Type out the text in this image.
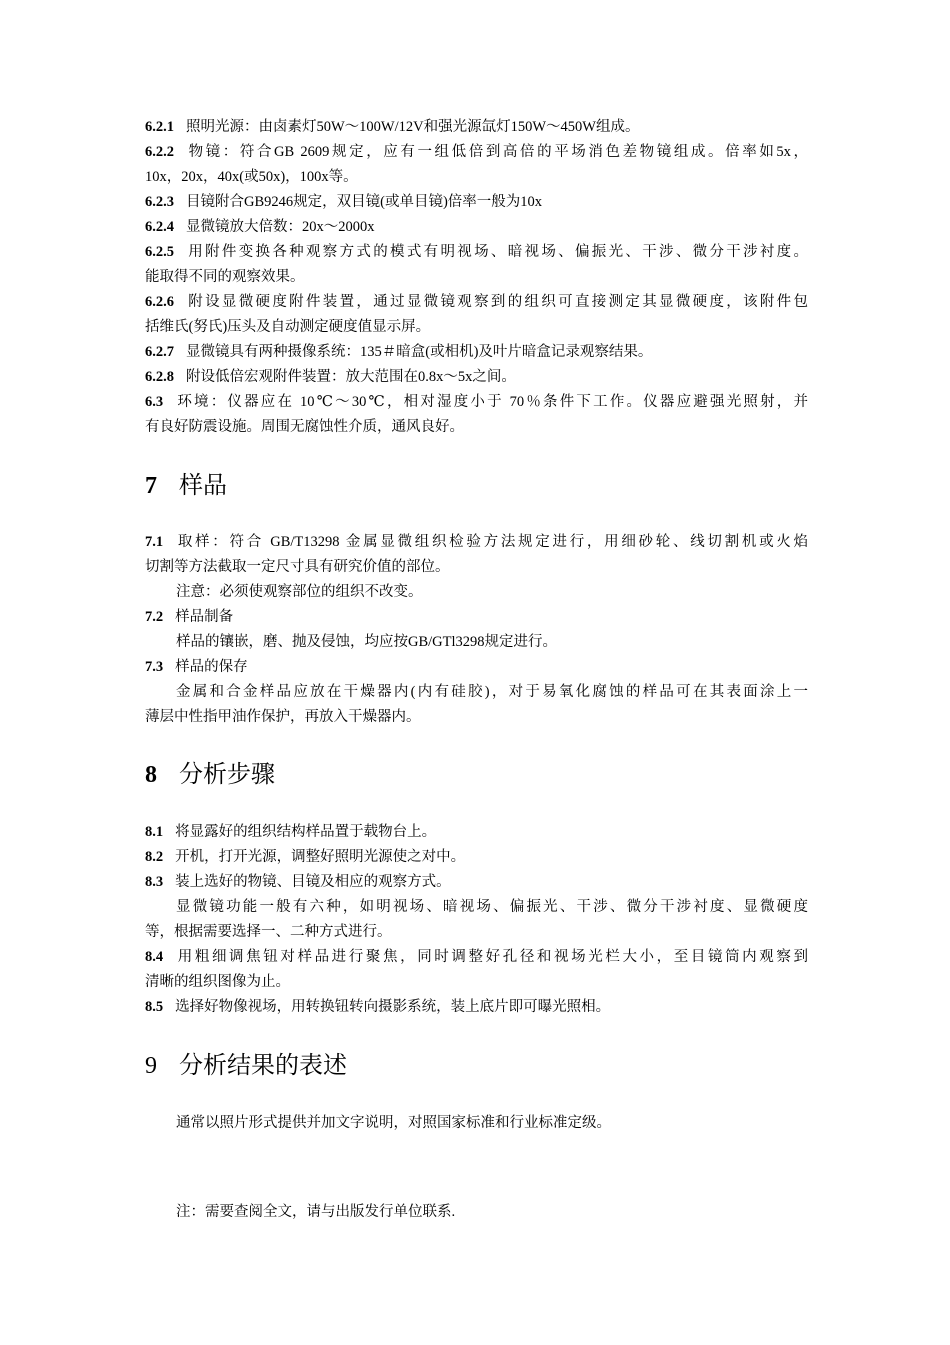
6.2.1 照明光源：由卤素灯50W～100W/12V和强光源氙灯150W～450W组成。
6.2.2 物镜：符合GB 2609规定，应有一组低倍到高倍的平场消色差物镜组成。倍率如5x，
10x，20x，40x(或50x)，100x等。
6.2.3 目镜附合GB9246规定，双目镜(或单目镜)倍率一般为10x
6.2.4 显微镜放大倍数：20x～2000x
6.2.5 用附件变换各种观察方式的模式有明视场、暗视场、偏振光、干涉、微分干涉衬度。
能取得不同的观察效果。
6.2.6 附设显微硬度附件装置，通过显微镜观察到的组织可直接测定其显微硬度，该附件包
括维氏(努氏)压头及自动测定硬度值显示屏。
6.2.7 显微镜具有两种摄像系统：135＃暗盒(或相机)及叶片暗盒记录观察结果。
6.2.8 附设低倍宏观附件装置：放大范围在0.8x～5x之间。
6.3 环境：仪器应在 10℃～30℃，相对湿度小于 70％条件下工作。仪器应避强光照射，并
有良好防震设施。周围无腐蚀性介质，通风良好。
7 样品
7.1 取样：符合 GB/T13298 金属显微组织检验方法规定进行，用细砂轮、线切割机或火焰
切割等方法截取一定尺寸具有研究价值的部位。
注意：必须使观察部位的组织不改变。
7.2 样品制备
样品的镶嵌，磨、抛及侵蚀，均应按GB/GTl3298规定进行。
7.3 样品的保存
金属和合金样品应放在干燥器内(内有硅胶)，对于易氧化腐蚀的样品可在其表面涂上一
薄层中性指甲油作保护，再放入干燥器内。
8 分析步骤
8.1 将显露好的组织结构样品置于载物台上。
8.2 开机，打开光源，调整好照明光源使之对中。
8.3 装上选好的物镜、目镜及相应的观察方式。
显微镜功能一般有六种，如明视场、暗视场、偏振光、干涉、微分干涉衬度、显微硬度
等，根据需要选择一、二种方式进行。
8.4 用粗细调焦钮对样品进行聚焦，同时调整好孔径和视场光栏大小，至目镜筒内观察到
清晰的组织图像为止。
8.5 选择好物像视场，用转换钮转向摄影系统，装上底片即可曝光照相。
9 分析结果的表述
通常以照片形式提供并加文字说明，对照国家标准和行业标准定级。
注：需要查阅全文，请与出版发行单位联系.
